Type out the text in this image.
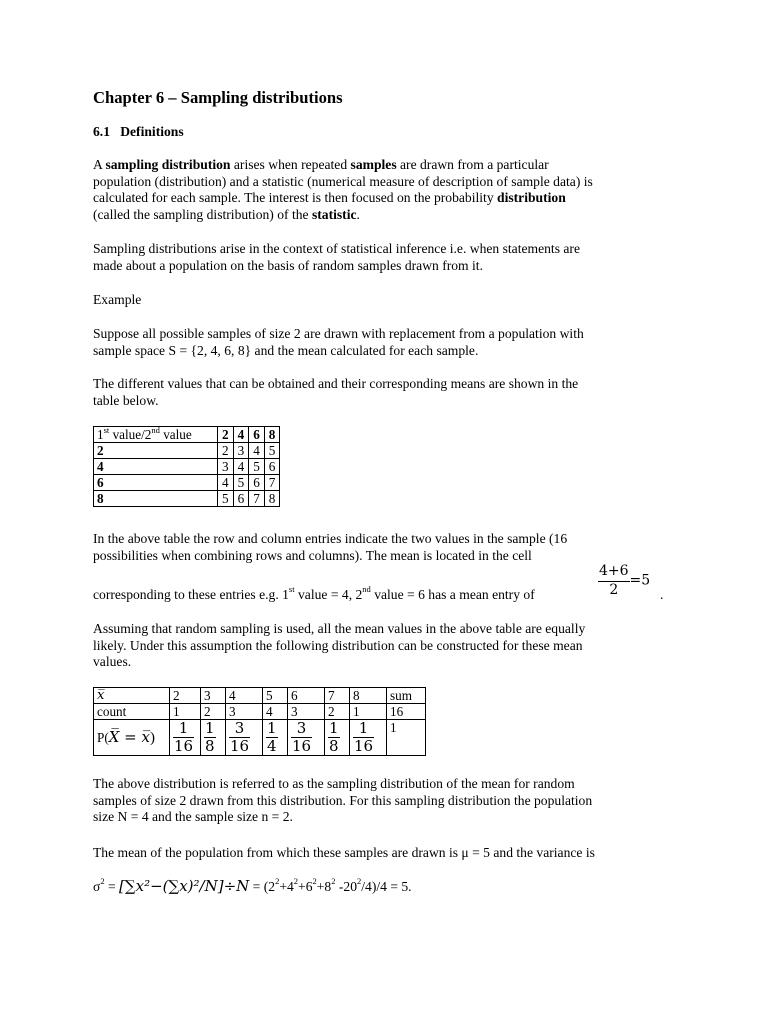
Chapter 6 – Sampling distributions
6.1 Definitions

A sampling distribution arises when repeated samples are drawn from a particular

population (distribution) and a statistic (numerical measure of description of sample data) is

calculated for each sample. The interest is then focused on the probability distribution

(called the sampling distribution) of the statistic.

Sampling distributions arise in the context of statistical inference i.e. when statements are

made about a population on the basis of random samples drawn from it.

Example

Suppose all possible samples of size 2 are drawn with replacement from a population with

sample space S = {2, 4, 6, 8} and the mean calculated for each sample.

The different values that can be obtained and their corresponding means are shown in the

table below.

1st value/2nd value	2	4	6	8
2	2	3	4	5
4	3	4	5	6
6	4	5	6	7
8	5	6	7	8

In the above table the row and column entries indicate the two values in the sample (16

possibilities when combining rows and columns). The mean is located in the cell

corresponding to these entries e.g. 1st value = 4, 2nd value = 6 has a mean entry of	$\frac{4+6}{2} =5$
.

Assuming that random sampling is used, all the mean values in the above table are equally

likely. Under this assumption the following distribution can be constructed for these mean

values.

x̅	2	3	4	5	6	7	8	sum
count	1	2	3	4	3	2	1	16
P(X̅ = x̅)	$\frac{1}{16}$	$\frac{1}{8}$	$\frac{3}{16}$	$\frac{1}{4}$	$\frac{3}{16}$	$\frac{1}{8}$	$\frac{1}{16}$	1

The above distribution is referred to as the sampling distribution of the mean for random

samples of size 2 drawn from this distribution. For this sampling distribution the population

size N = 4 and the sample size n = 2.

The mean of the population from which these samples are drawn is μ = 5 and the variance is

$\sigma^2 = [\sum x^2-(\sum x)^2/N]\div N = (2^2+4^2+6^2+8^2$ $-20^2/4)/4 = 5$.
